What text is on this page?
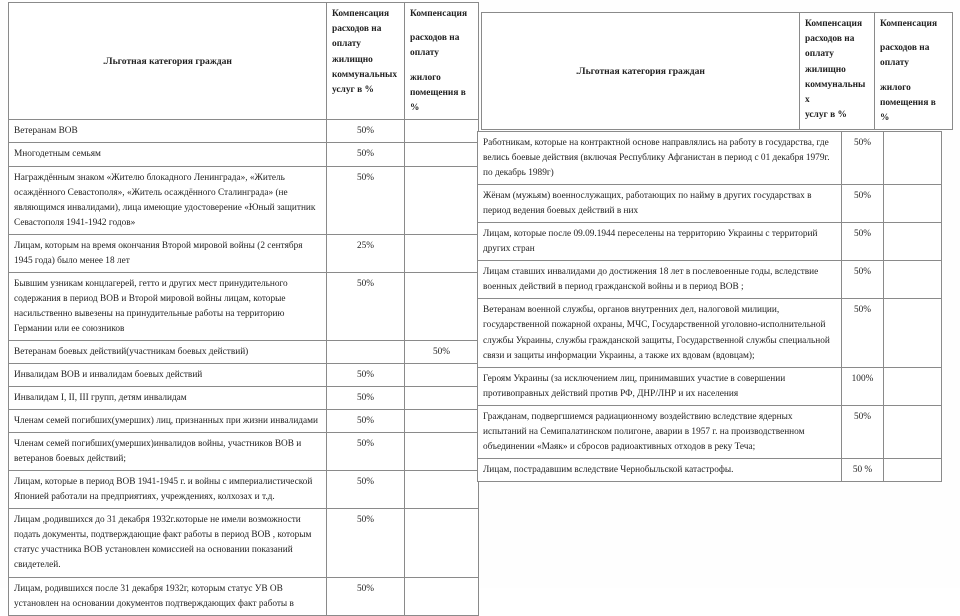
.Льготная категория граждан	
Компенсация
расходов на
оплату
жилищно
коммунальных
услуг в %

Компенсация

расходов на
оплату

жилого
помещения в
%

Ветеранам ВОВ	50%	
Многодетным семьям	50%	
Награждённым знаком «Жителю блокадного Ленинграда», «Житель осаждённого Севастополя», «Житель осаждённого Сталинграда» (не являющимся инвалидами), лица имеющие удостоверение «Юный защитник Севастополя 1941-1942 годов»	50%	
Лицам, которым на время окончания Второй мировой войны (2 сентября 1945 года) было менее 18 лет	25%	
Бывшим узникам концлагерей, гетто и других мест принудительного содержания в период ВОВ и Второй мировой войны лицам, которые насильственно вывезены на принудительные работы на территорию Германии или ее союзников	50%	
Ветеранам боевых действий(участникам боевых действий)		50%
Инвалидам ВОВ и инвалидам боевых действий	50%	
Инвалидам I, II, III групп, детям инвалидам	50%	
Членам семей погибших(умерших) лиц, признанных при жизни инвалидами	50%	
Членам семей погибших(умерших)инвалидов войны, участников ВОВ и ветеранов боевых действий;	50%	
Лицам, которые в период ВОВ 1941-1945 г. и войны с империалистической Японией работали на предприятиях, учреждениях, колхозах и т.д.	50%	
Лицам ,родившихся до 31 декабря 1932г.которые не имели возможности подать документы, подтверждающие факт работы в период ВОВ , которым статус участника ВОВ установлен комиссией на основании показаний свидетелей.	50%	
Лицам, родившихся после 31 декабря 1932г, которым статус УВ ОВ установлен на основании документов подтверждающих факт работы в	50%	
.Льготная категория граждан	
Компенсация
расходов на
оплату
жилищно
коммунальных
услуг в %

Компенсация

расходов на
оплату

жилого
помещения в
%
Работникам, которые на контрактной основе направлялись на работу в государства, где велись боевые действия (включая Республику Афганистан в период с 01 декабря 1979г. по декабрь 1989г)	50%	
Жёнам (мужьям) военнослужащих, работающих по найму в других государствах в период ведения боевых действий в них	50%	
Лицам, которые после 09.09.1944 переселены на территорию Украины с территорий других стран	50%	
Лицам ставших инвалидами до достижения 18 лет в послевоенные годы, вследствие военных действий в период гражданской войны и в период ВОВ ;	50%	
Ветеранам военной службы, органов внутренних дел, налоговой милиции, государственной пожарной охраны, МЧС, Государственной уголовно-исполнительной службы Украины, службы гражданской защиты, Государственной службы специальной связи и защиты информации Украины, а также их вдовам (вдовцам);	50%	
Героям Украины (за исключением лиц, принимавших участие в совершении противоправных действий против РФ, ДНР/ЛНР и их населения	100%	
Гражданам, подвергшиемся радиационному воздействию вследствие ядерных испытаний на Семипалатинском полигоне, аварии в 1957 г. на производственном объединении «Маяк» и сбросов радиоактивных отходов в реку Теча;	50%	
Лицам, пострадавшим вследствие Чернобыльской катастрофы.	50 %	
